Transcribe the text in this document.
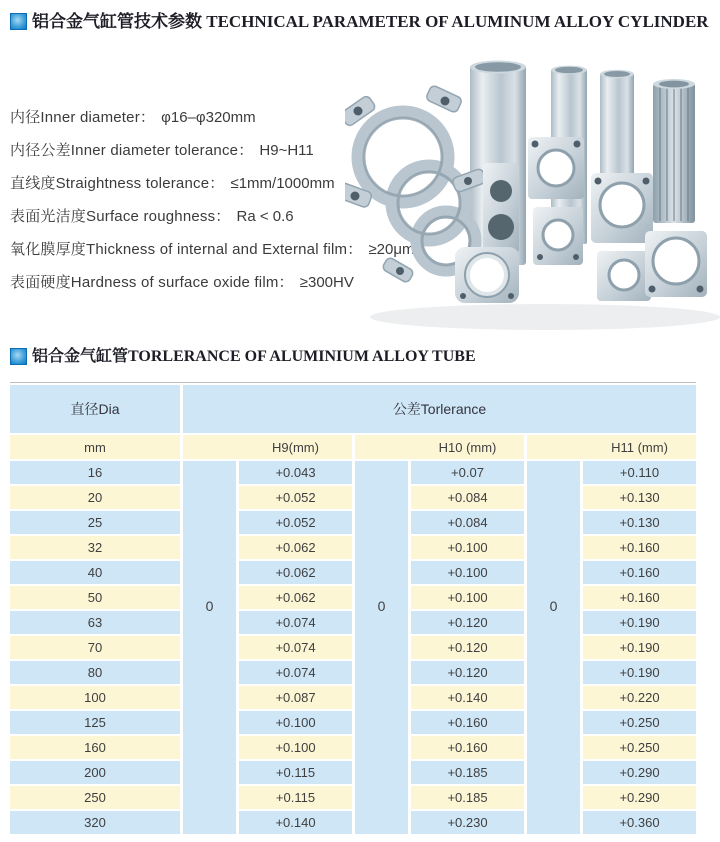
铝合金气缸管技术参数 TECHNICAL PARAMETER OF ALUMINUM ALLOY CYLINDER
内径Inner diameter： φ16–φ320mm
内径公差Inner diameter tolerance： H9~H11
直线度Straightness tolerance： ≤1mm/1000mm
表面光洁度Surface roughness： Ra < 0.6
氧化膜厚度Thickness of internal and External film： ≥20μm
表面硬度Hardness of surface oxide film： ≥300HV
铝合金气缸管TORLERANCE OF ALUMINIUM ALLOY TUBE
直径Dia	公差Torlerance
mm	H9(mm)	H10 (mm)	H11 (mm)
0	0	0
16	+0.043	+0.07	+0.110
20	+0.052	+0.084	+0.130
25	+0.052	+0.084	+0.130
32	+0.062	+0.100	+0.160
40	+0.062	+0.100	+0.160
50	+0.062	+0.100	+0.160
63	+0.074	+0.120	+0.190
70	+0.074	+0.120	+0.190
80	+0.074	+0.120	+0.190
100	+0.087	+0.140	+0.220
125	+0.100	+0.160	+0.250
160	+0.100	+0.160	+0.250
200	+0.115	+0.185	+0.290
250	+0.115	+0.185	+0.290
320	+0.140	+0.230	+0.360
